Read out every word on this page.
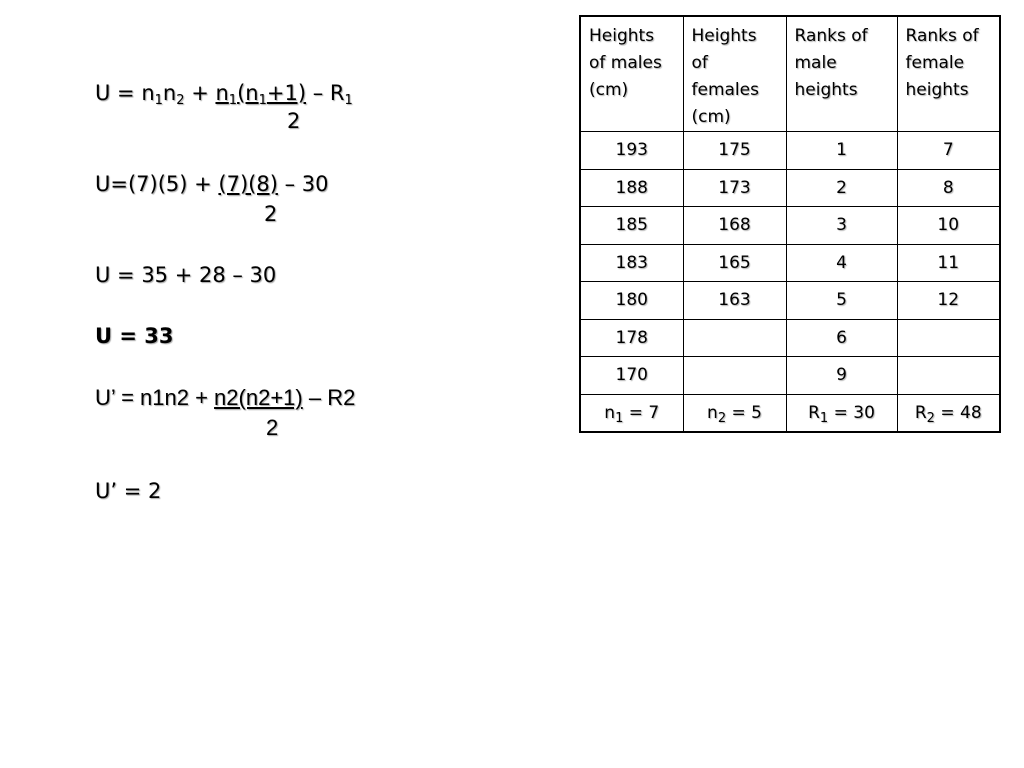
$U = n_1n_2 + n_1(n_1+1) - R_1$
2
U=(7)(5) + (7)(8) – 30
2
U = 35 + 28 – 30
U = 33
U’ = n1n2 + n2(n2+1) – R2
2
U’ = 2
Heights of males (cm)	Heights of females (cm)	Ranks of male heights	Ranks of female heights
193	175	1	7
188	173	2	8
185	168	3	10
183	165	4	11
180	163	5	12
178		6	
170		9	
$n_1 = 7$	$n_2 = 5$	$R_1 = 30$	$R_2 = 48$
